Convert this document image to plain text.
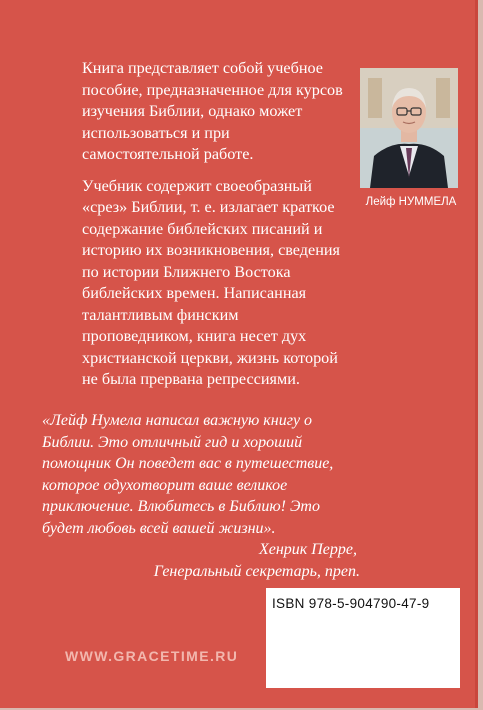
Книга представляет собой учебное пособие, предназначенное для курсов изучения Библии, однако может использоваться и при самостоятельной работе.

Учебник содержит своеобразный «срез» Библии, т. е. излагает краткое содержание библейских писаний и историю их возникновения, сведения по истории Ближнего Востока библейских времен. Написанная талантливым финским проповедником, книга несет дух христианской церкви, жизнь которой не была прервана репрессиями.

Лейф НУММЕЛА

«Лейф Нумела написал важную книгу о Библии. Это отличный гид и хороший помощник Он поведет вас в путешествие, которое одухотворит ваше великое приключение. Влюбитесь в Библию! Это будет любовь всей вашей жизни».

Хенрик Перре,
Генеральный секретарь, преп.
ISBN 978-5-904790-47-9
WWW.GRACETIME.RU
